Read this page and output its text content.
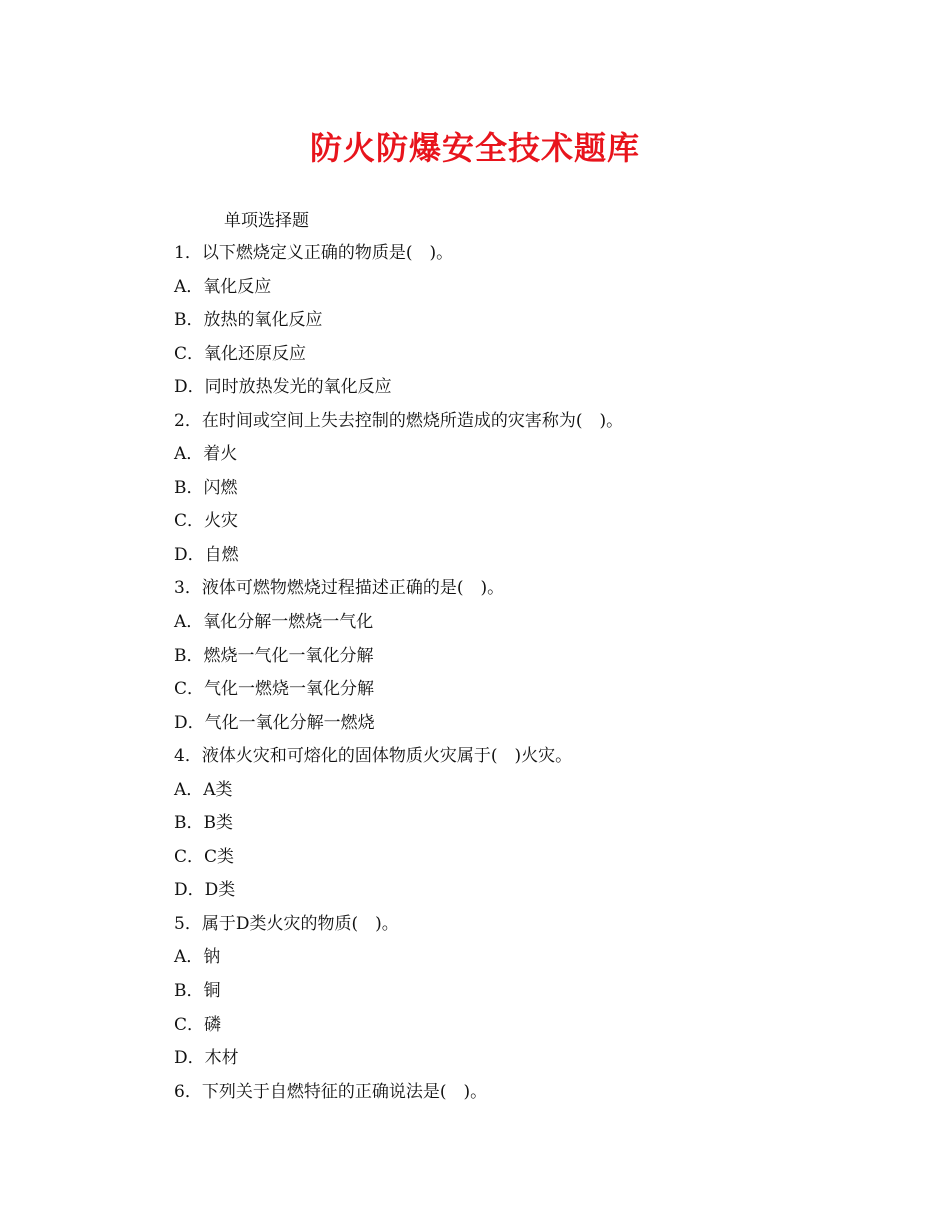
防火防爆安全技术题库
单项选择题
1．以下燃烧定义正确的物质是(　)。
A．氧化反应
B．放热的氧化反应
C．氧化还原反应
D．同时放热发光的氧化反应
2．在时间或空间上失去控制的燃烧所造成的灾害称为(　)。
A．着火
B．闪燃
C．火灾
D．自燃
3．液体可燃物燃烧过程描述正确的是(　)。
A．氧化分解一燃烧一气化
B．燃烧一气化一氧化分解
C．气化一燃烧一氧化分解
D．气化一氧化分解一燃烧
4．液体火灾和可熔化的固体物质火灾属于(　)火灾。
A．A类
B．B类
C．C类
D．D类
5．属于D类火灾的物质(　)。
A．钠
B．铜
C．磷
D．木材
6．下列关于自燃特征的正确说法是(　)。
